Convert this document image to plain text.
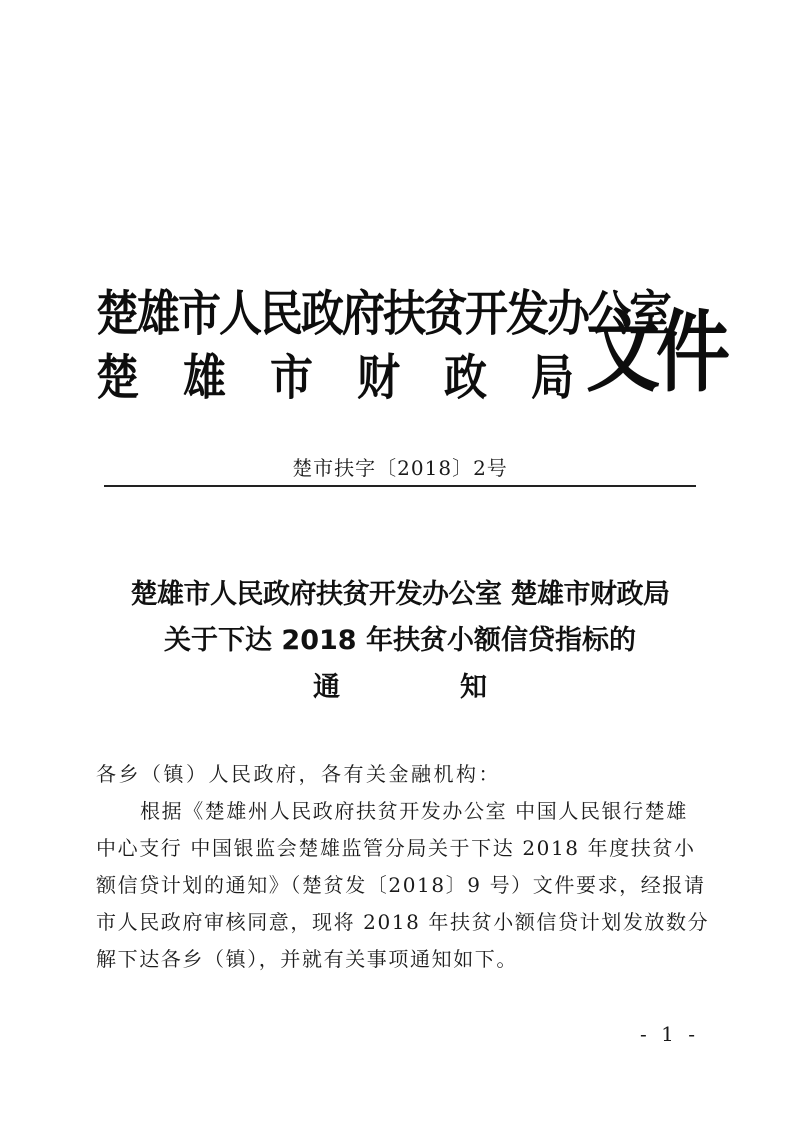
楚雄市人民政府扶贫开发办公室
楚 雄 市 财 政 局 文件
楚市扶字〔2018〕2号
楚雄市人民政府扶贫开发办公室 楚雄市财政局
关于下达 2018 年扶贫小额信贷指标的
通	知
各乡（镇）人民政府，各有关金融机构：
根据《楚雄州人民政府扶贫开发办公室 中国人民银行楚雄
中心支行 中国银监会楚雄监管分局关于下达 2018 年度扶贫小
额信贷计划的通知》（楚贫发〔2018〕9 号）文件要求，经报请
市人民政府审核同意，现将 2018 年扶贫小额信贷计划发放数分
解下达各乡（镇），并就有关事项通知如下。
- 1 -
